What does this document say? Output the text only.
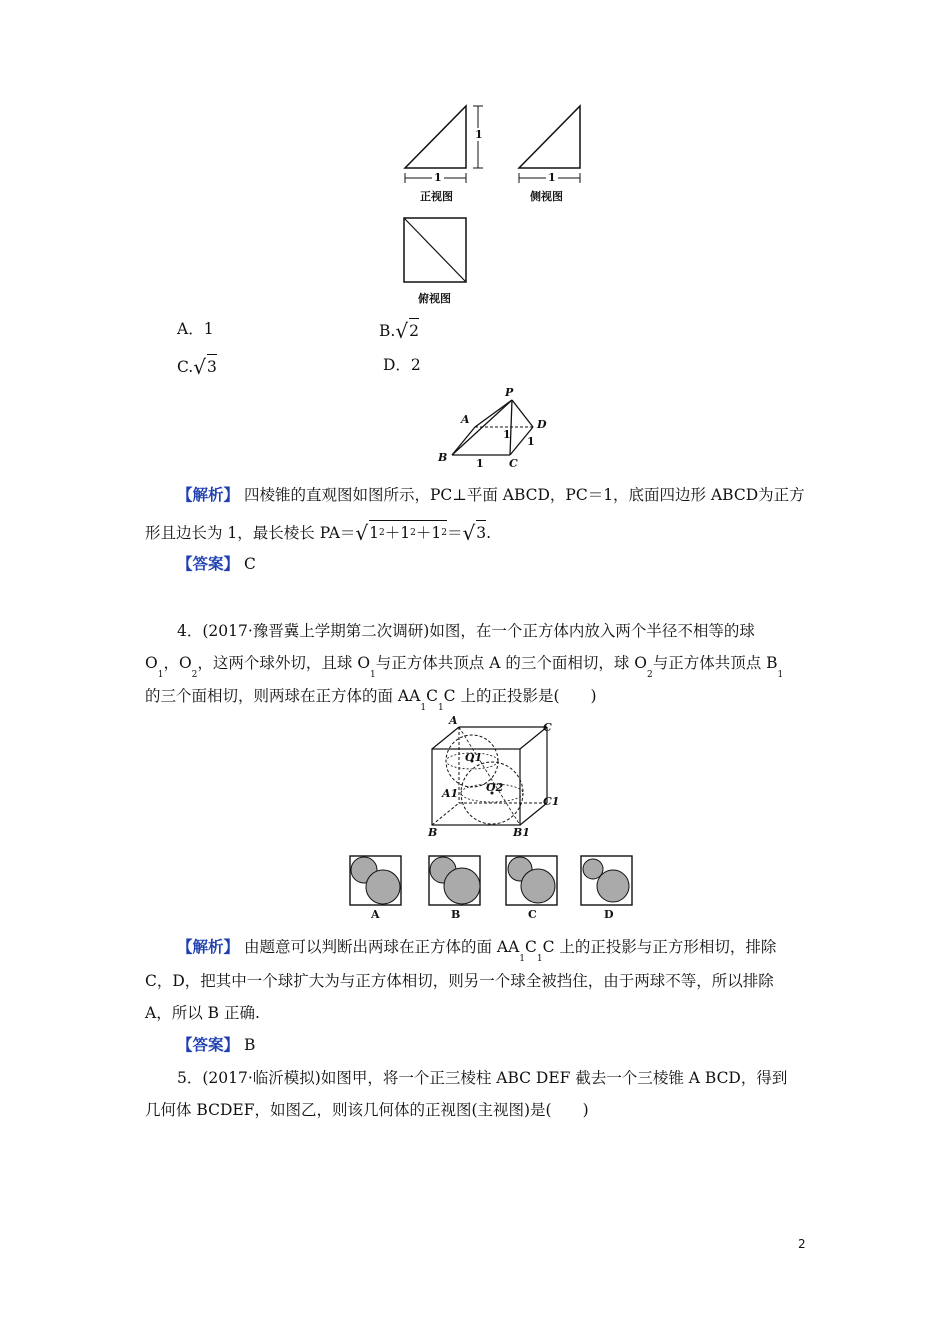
1
1
正视图
1
侧视图
俯视图
A．1	B.√2
C.√3	D．2
P
A	D
B	C
1
1
1
【解析】 四棱锥的直观图如图所示，PC⊥平面 ABCD，PC＝1，底面四边形 ABCD为正方
形且边长为 1，最长棱长 PA＝√12＋12＋12＝√3.
【答案】 C
4．(2017·豫晋冀上学期第二次调研)如图，在一个正方体内放入两个半径不相等的球
$O_1$，$O_2$，这两个球外切，且球 $O_1$与正方体共顶点 A 的三个面相切，球 $O_2$与正方体共顶点 $B_1$
的三个面相切，则两球在正方体的面 $AA_1C_1C$ 上的正投影是(　　)
A
C
A1
C1
B	B1
O1
O2
A	B	C	D
【解析】 由题意可以判断出两球在正方体的面 $AA_1C_1C$ 上的正投影与正方形相切，排除
C，D，把其中一个球扩大为与正方体相切，则另一个球全被挡住，由于两球不等，所以排除
A，所以 B 正确.
【答案】 B
5．(2017·临沂模拟)如图甲，将一个正三棱柱 ABC DEF 截去一个三棱锥 A BCD，得到
几何体 BCDEF，如图乙，则该几何体的正视图(主视图)是(　　)
2
